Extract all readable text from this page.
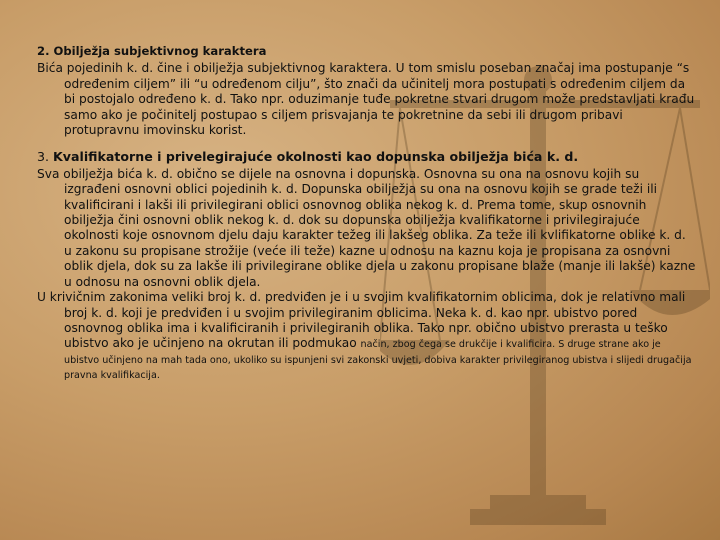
2. Obilježja subjektivnog karaktera

Bića pojedinih k. d. čine i obilježja subjektivnog karaktera. U tom smislu poseban značaj ima postupanje “s određenim ciljem” ili “u određenom cilju”, što znači da učinitelj mora postupati s određenim ciljem da bi postojalo određeno k. d. Tako npr. oduzimanje tuđe pokretne stvari drugom može predstavljati krađu samo ako je počinitelj postupao s ciljem prisvajanja te pokretnine da sebi ili drugom pribavi protupravnu imovinsku korist.

3. Kvalifikatorne i privelegirajuće okolnosti kao dopunska obilježja bića k. d.

Sva obilježja bića k. d. obično se dijele na osnovna i dopunska. Osnovna su ona na osnovu kojih su izgrađeni osnovni oblici pojedinih k. d. Dopunska obilježja su ona na osnovu kojih se grade teži ili kvalificirani i lakši ili privilegirani oblici osnovnog oblika nekog k. d. Prema tome, skup osnovnih obilježja čini osnovni oblik nekog k. d. dok su dopunska obilježja kvalifikatorne i privilegirajuće okolnosti koje osnovnom djelu daju karakter težeg ili lakšeg oblika. Za teže ili kvlifikatorne oblike k. d. u zakonu su propisane strožije (veće ili teže) kazne u odnosu na kaznu koja je propisana za osnovni oblik djela, dok su za lakše ili privilegirane oblike djela u zakonu propisane blaže (manje ili lakše) kazne u odnosu na osnovni oblik djela.

U krivičnim zakonima veliki broj k. d. predviđen je i u svojim kvalifikatornim oblicima, dok je relativno mali broj k. d. koji je predviđen i u svojim privilegiranim oblicima. Neka k. d. kao npr. ubistvo pored osnovnog oblika ima i kvalificiranih i privilegiranih oblika. Tako npr. obično ubistvo prerasta u teško ubistvo ako je učinjeno na okrutan ili podmukao način, zbog čega se drukčije i kvalificira. S druge strane ako je ubistvo učinjeno na mah tada ono, ukoliko su ispunjeni svi zakonski uvjeti, dobiva karakter privilegiranog ubistva i slijedi drugačija pravna kvalifikacija.
